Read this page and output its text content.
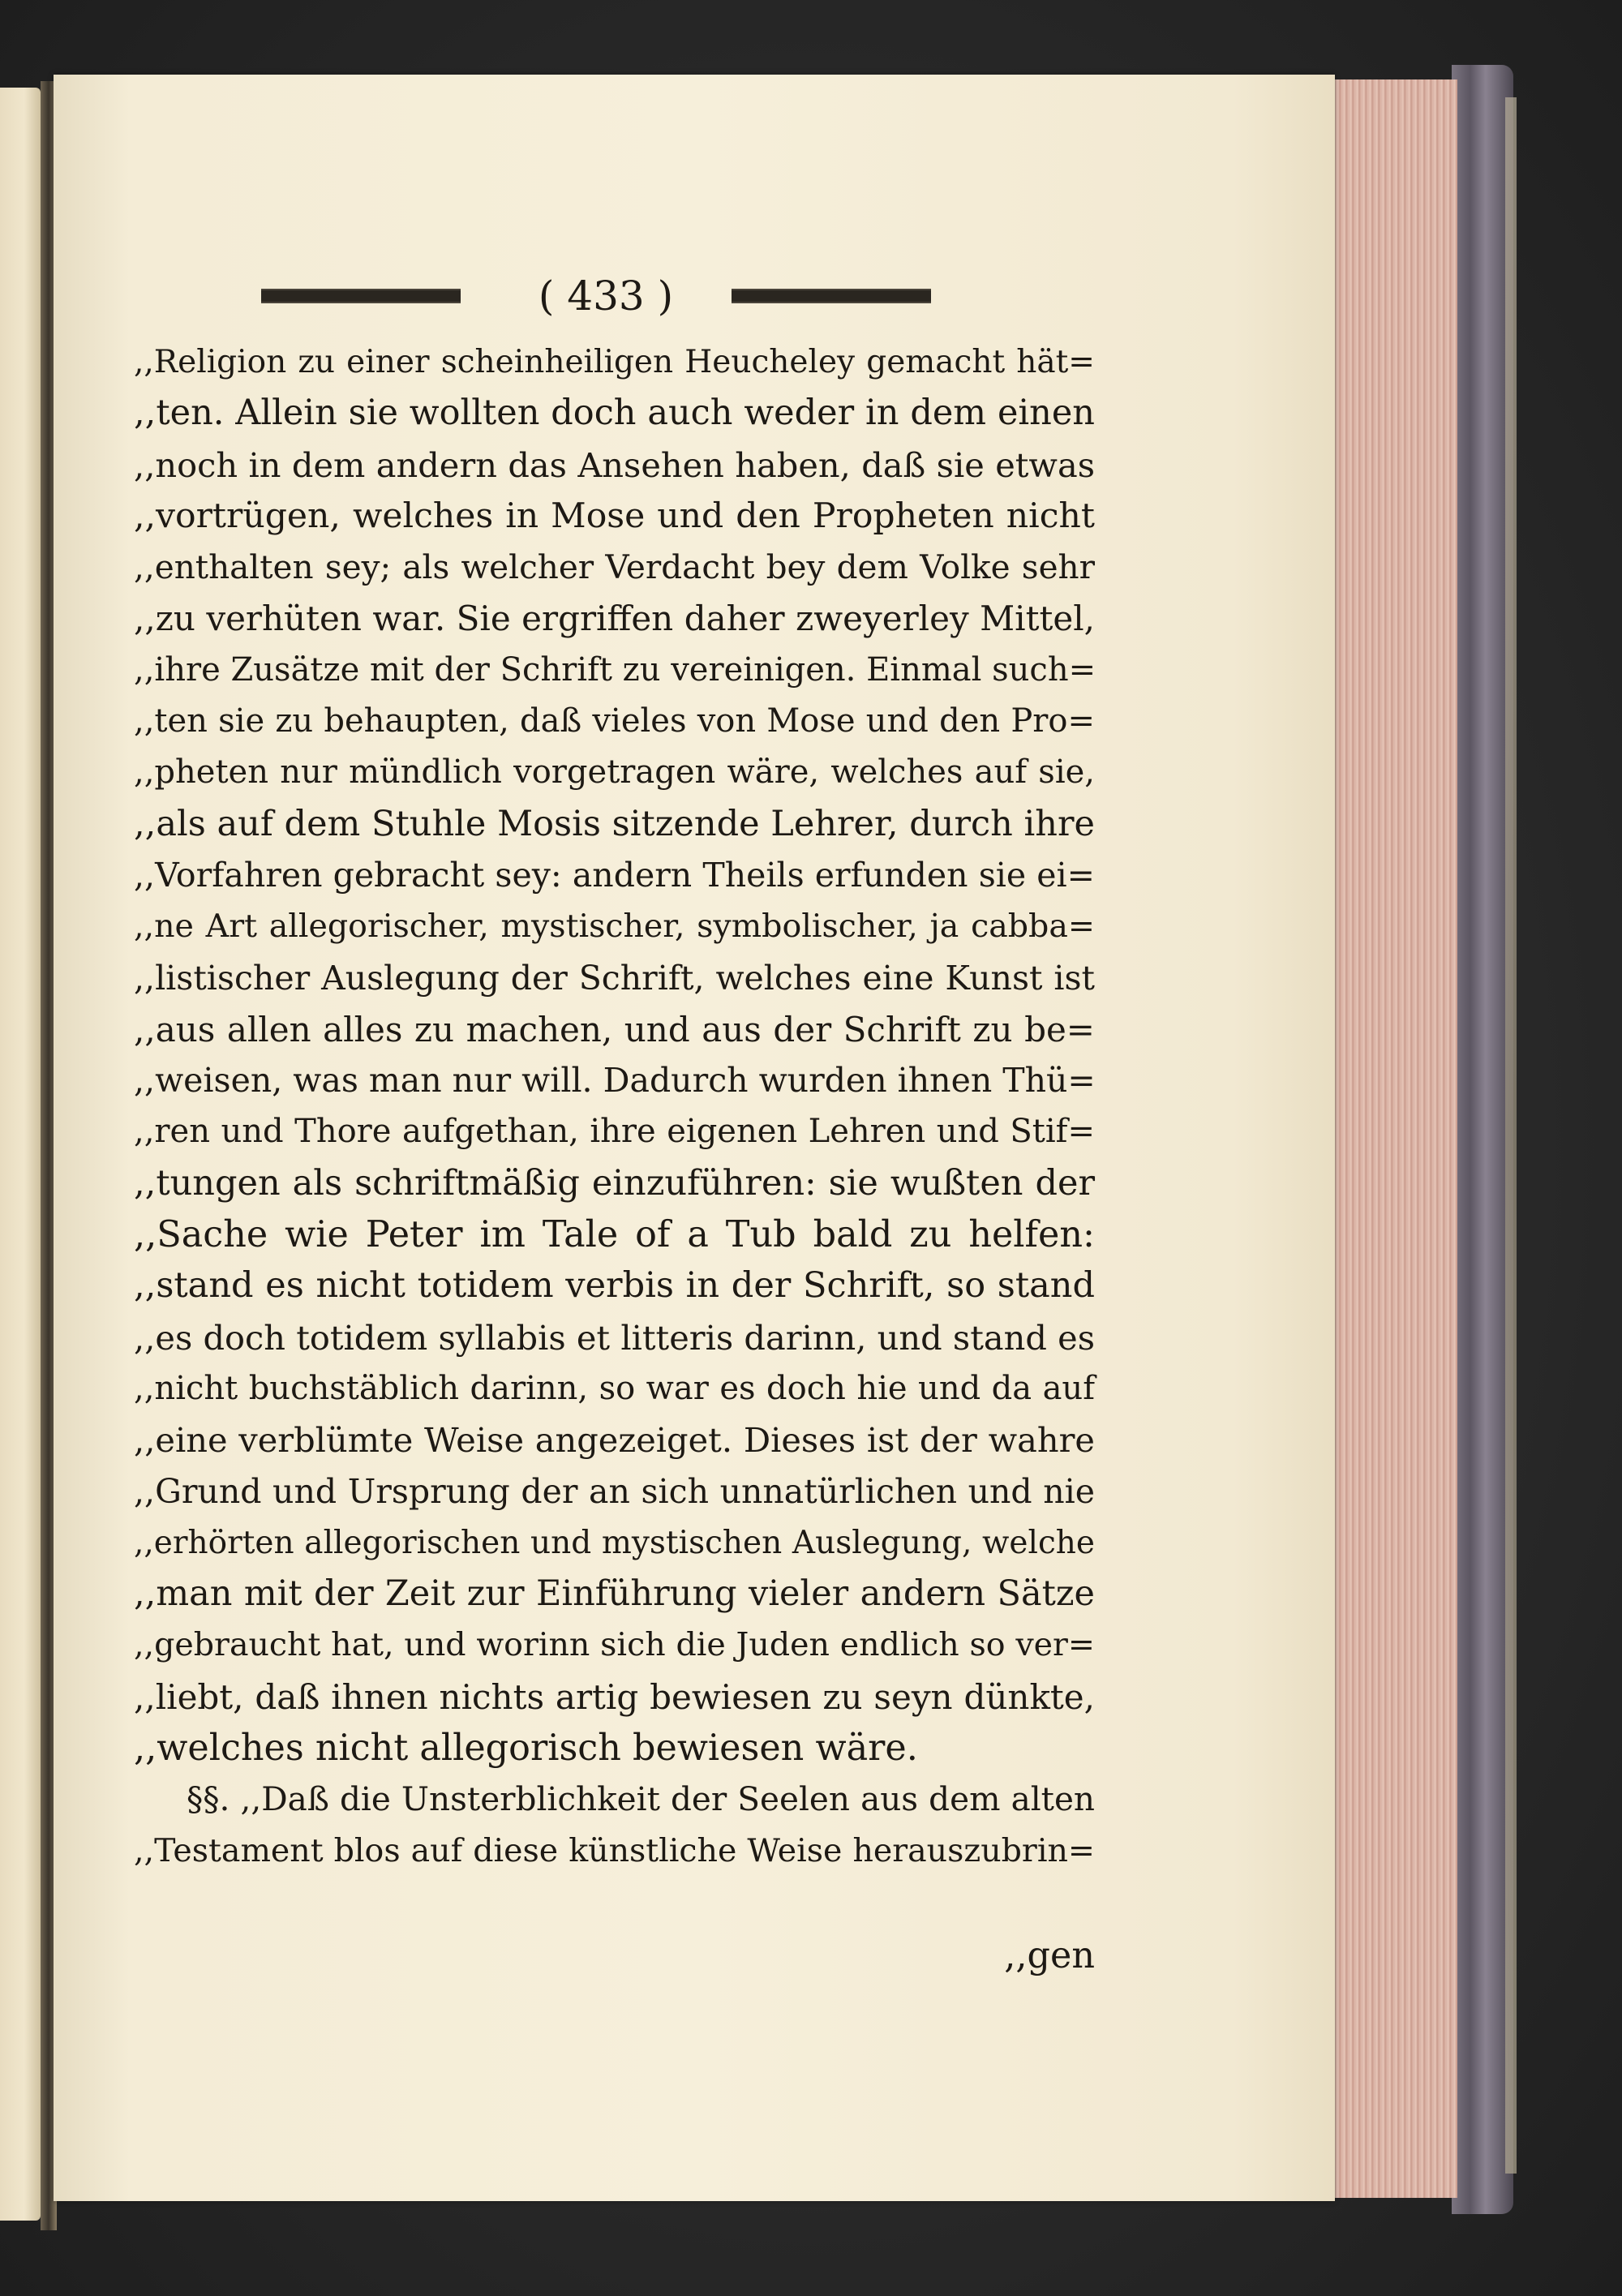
( 433 )
,,Religion zu einer scheinheiligen Heucheley gemacht hät=
,,ten. Allein sie wollten doch auch weder in dem einen
,,noch in dem andern das Ansehen haben, daß sie etwas
,,vortrügen, welches in Mose und den Propheten nicht
,,enthalten sey; als welcher Verdacht bey dem Volke sehr
,,zu verhüten war. Sie ergriffen daher zweyerley Mittel,
,,ihre Zusätze mit der Schrift zu vereinigen. Einmal such=
,,ten sie zu behaupten, daß vieles von Mose und den Pro=
,,pheten nur mündlich vorgetragen wäre, welches auf sie,
,,als auf dem Stuhle Mosis sitzende Lehrer, durch ihre
,,Vorfahren gebracht sey: andern Theils erfunden sie ei=
,,ne Art allegorischer, mystischer, symbolischer, ja cabba=
,,listischer Auslegung der Schrift, welches eine Kunst ist
,,aus allen alles zu machen, und aus der Schrift zu be=
,,weisen, was man nur will. Dadurch wurden ihnen Thü=
,,ren und Thore aufgethan, ihre eigenen Lehren und Stif=
,,tungen als schriftmäßig einzuführen: sie wußten der
,,Sache wie Peter im Tale of a Tub bald zu helfen:
,,stand es nicht totidem verbis in der Schrift, so stand
,,es doch totidem syllabis et litteris darinn, und stand es
,,nicht buchstäblich darinn, so war es doch hie und da auf
,,eine verblümte Weise angezeiget. Dieses ist der wahre
,,Grund und Ursprung der an sich unnatürlichen und nie
,,erhörten allegorischen und mystischen Auslegung, welche
,,man mit der Zeit zur Einführung vieler andern Sätze
,,gebraucht hat, und worinn sich die Juden endlich so ver=
,,liebt, daß ihnen nichts artig bewiesen zu seyn dünkte,
,,welches nicht allegorisch bewiesen wäre.
§§. ,,Daß die Unsterblichkeit der Seelen aus dem alten
,,Testament blos auf diese künstliche Weise herauszubrin=
,,gen
